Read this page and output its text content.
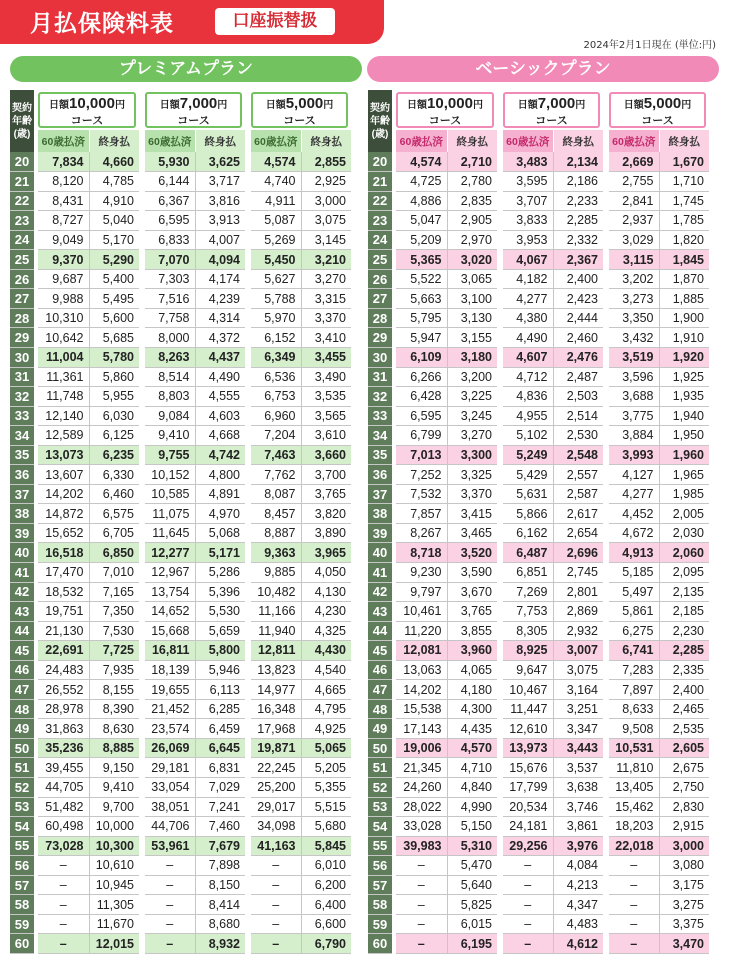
月払保険料表	口座振替扱
2024年2月1日現在 (単位:円)
プレミアムプラン	ベーシックプラン
契約
年齢
(歳)	日額10,000円
コース		日額7,000円
コース		日額5,000円
コース	

	60歳払済	終身払	60歳払済	終身払	60歳払済	終身払
20	7,834	4,660	5,930	3,625	4,574	2,855
21	8,120	4,785	6,144	3,717	4,740	2,925
22	8,431	4,910	6,367	3,816	4,911	3,000
23	8,727	5,040	6,595	3,913	5,087	3,075
24	9,049	5,170	6,833	4,007	5,269	3,145
25	9,370	5,290	7,070	4,094	5,450	3,210
26	9,687	5,400	7,303	4,174	5,627	3,270
27	9,988	5,495	7,516	4,239	5,788	3,315
28	10,310	5,600	7,758	4,314	5,970	3,370
29	10,642	5,685	8,000	4,372	6,152	3,410
30	11,004	5,780	8,263	4,437	6,349	3,455
31	11,361	5,860	8,514	4,490	6,536	3,490
32	11,748	5,955	8,803	4,555	6,753	3,535
33	12,140	6,030	9,084	4,603	6,960	3,565
34	12,589	6,125	9,410	4,668	7,204	3,610
35	13,073	6,235	9,755	4,742	7,463	3,660
36	13,607	6,330	10,152	4,800	7,762	3,700
37	14,202	6,460	10,585	4,891	8,087	3,765
38	14,872	6,575	11,075	4,970	8,457	3,820
39	15,652	6,705	11,645	5,068	8,887	3,890
40	16,518	6,850	12,277	5,171	9,363	3,965
41	17,470	7,010	12,967	5,286	9,885	4,050
42	18,532	7,165	13,754	5,396	10,482	4,130
43	19,751	7,350	14,652	5,530	11,166	4,230
44	21,130	7,530	15,668	5,659	11,940	4,325
45	22,691	7,725	16,811	5,800	12,811	4,430
46	24,483	7,935	18,139	5,946	13,823	4,540
47	26,552	8,155	19,655	6,113	14,977	4,665
48	28,978	8,390	21,452	6,285	16,348	4,795
49	31,863	8,630	23,574	6,459	17,968	4,925
50	35,236	8,885	26,069	6,645	19,871	5,065
51	39,455	9,150	29,181	6,831	22,245	5,205
52	44,705	9,410	33,054	7,029	25,200	5,355
53	51,482	9,700	38,051	7,241	29,017	5,515
54	60,498	10,000	44,706	7,460	34,098	5,680
55	73,028	10,300	53,961	7,679	41,163	5,845
56	–	10,610	–	7,898	–	6,010
57	–	10,945	–	8,150	–	6,200
58	–	11,305	–	8,414	–	6,400
59	–	11,670	–	8,680	–	6,600
60	–	12,015	–	8,932	–	6,790
契約
年齢
(歳)	日額10,000円
コース		日額7,000円
コース		日額5,000円
コース	

	60歳払済	終身払	60歳払済	終身払	60歳払済	終身払
20	4,574	2,710	3,483	2,134	2,669	1,670
21	4,725	2,780	3,595	2,186	2,755	1,710
22	4,886	2,835	3,707	2,233	2,841	1,745
23	5,047	2,905	3,833	2,285	2,937	1,785
24	5,209	2,970	3,953	2,332	3,029	1,820
25	5,365	3,020	4,067	2,367	3,115	1,845
26	5,522	3,065	4,182	2,400	3,202	1,870
27	5,663	3,100	4,277	2,423	3,273	1,885
28	5,795	3,130	4,380	2,444	3,350	1,900
29	5,947	3,155	4,490	2,460	3,432	1,910
30	6,109	3,180	4,607	2,476	3,519	1,920
31	6,266	3,200	4,712	2,487	3,596	1,925
32	6,428	3,225	4,836	2,503	3,688	1,935
33	6,595	3,245	4,955	2,514	3,775	1,940
34	6,799	3,270	5,102	2,530	3,884	1,950
35	7,013	3,300	5,249	2,548	3,993	1,960
36	7,252	3,325	5,429	2,557	4,127	1,965
37	7,532	3,370	5,631	2,587	4,277	1,985
38	7,857	3,415	5,866	2,617	4,452	2,005
39	8,267	3,465	6,162	2,654	4,672	2,030
40	8,718	3,520	6,487	2,696	4,913	2,060
41	9,230	3,590	6,851	2,745	5,185	2,095
42	9,797	3,670	7,269	2,801	5,497	2,135
43	10,461	3,765	7,753	2,869	5,861	2,185
44	11,220	3,855	8,305	2,932	6,275	2,230
45	12,081	3,960	8,925	3,007	6,741	2,285
46	13,063	4,065	9,647	3,075	7,283	2,335
47	14,202	4,180	10,467	3,164	7,897	2,400
48	15,538	4,300	11,447	3,251	8,633	2,465
49	17,143	4,435	12,610	3,347	9,508	2,535
50	19,006	4,570	13,973	3,443	10,531	2,605
51	21,345	4,710	15,676	3,537	11,810	2,675
52	24,260	4,840	17,799	3,638	13,405	2,750
53	28,022	4,990	20,534	3,746	15,462	2,830
54	33,028	5,150	24,181	3,861	18,203	2,915
55	39,983	5,310	29,256	3,976	22,018	3,000
56	–	5,470	–	4,084	–	3,080
57	–	5,640	–	4,213	–	3,175
58	–	5,825	–	4,347	–	3,275
59	–	6,015	–	4,483	–	3,375
60	–	6,195	–	4,612	–	3,470
